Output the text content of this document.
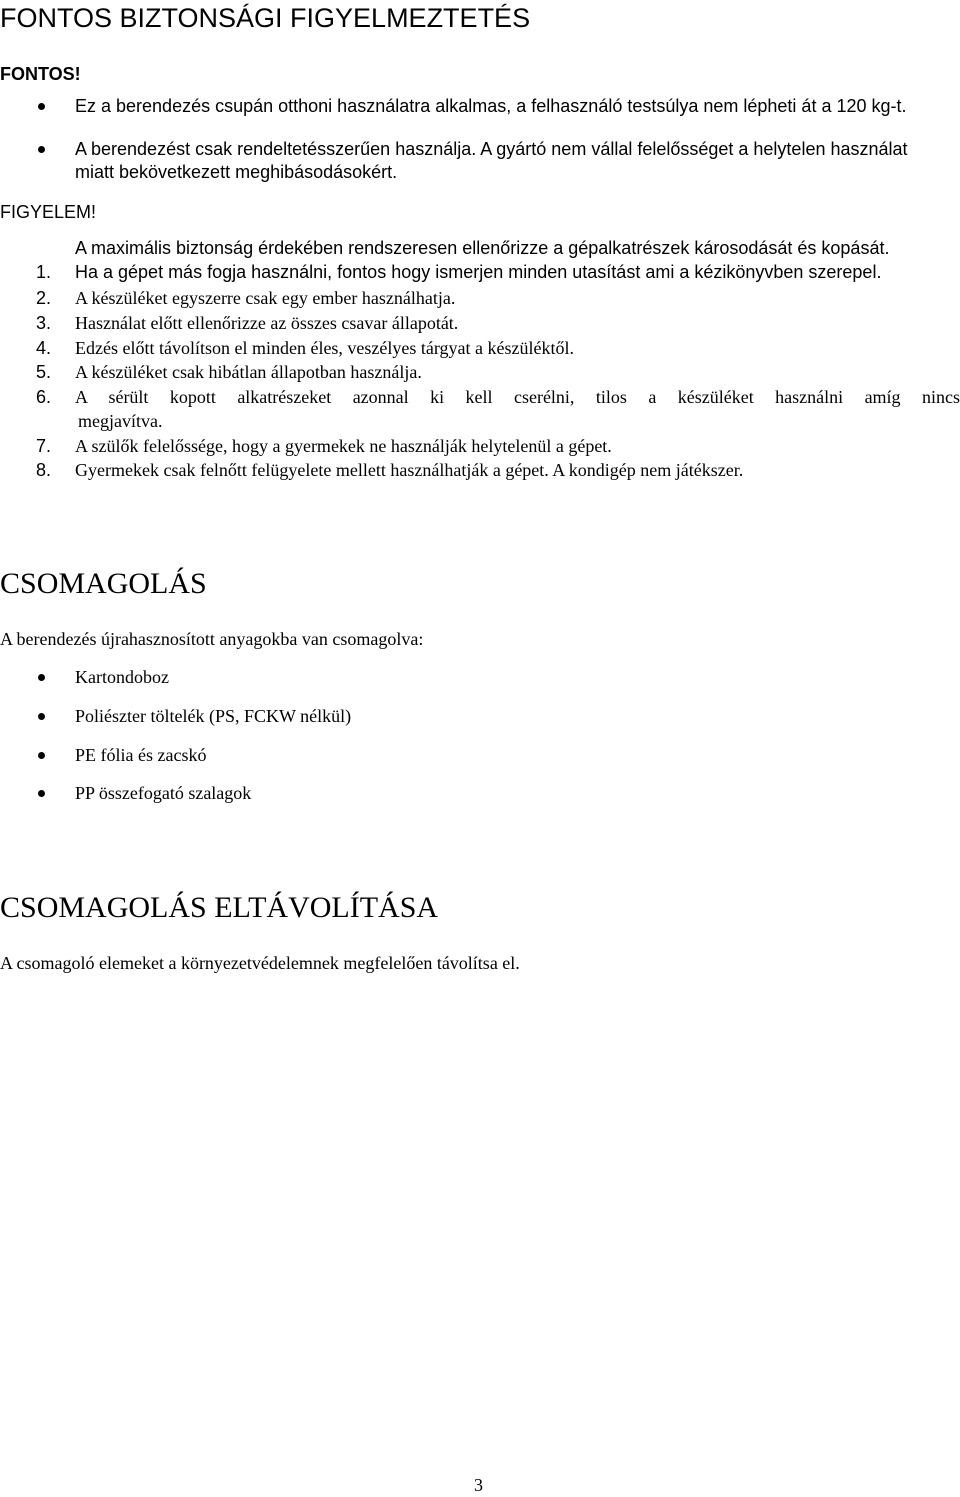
FONTOS BIZTONSÁGI FIGYELMEZTETÉS
FONTOS!
Ez a berendezés csupán otthoni használatra alkalmas, a felhasználó testsúlya nem lépheti át a 120 kg-t.
A berendezést csak rendeltetésszerűen használja. A gyártó nem vállal felelősséget a helytelen használat
miatt bekövetkezett meghibásodásokért.
FIGYELEM!
A maximális biztonság érdekében rendszeresen ellenőrizze a gépalkatrészek károsodását és kopását.
1. Ha a gépet más fogja használni, fontos hogy ismerjen minden utasítást ami a kézikönyvben szerepel.
2. A készüléket egyszerre csak egy ember használhatja.
3. Használat előtt ellenőrizze az összes csavar állapotát.
4. Edzés előtt távolítson el minden éles, veszélyes tárgyat a készüléktől.
5. A készüléket csak hibátlan állapotban használja.
6. A sérült kopott alkatrészeket azonnal ki kell cserélni, tilos a készüléket használni amíg nincs
megjavítva.
7. A szülők felelőssége, hogy a gyermekek ne használják helytelenül a gépet.
8. Gyermekek csak felnőtt felügyelete mellett használhatják a gépet. A kondigép nem játékszer.
CSOMAGOLÁS
A berendezés újrahasznosított anyagokba van csomagolva:
Kartondoboz
Poliészter töltelék (PS, FCKW nélkül)
PE fólia és zacskó
PP összefogató szalagok
CSOMAGOLÁS ELTÁVOLÍTÁSA
A csomagoló elemeket a környezetvédelemnek megfelelően távolítsa el.
3
